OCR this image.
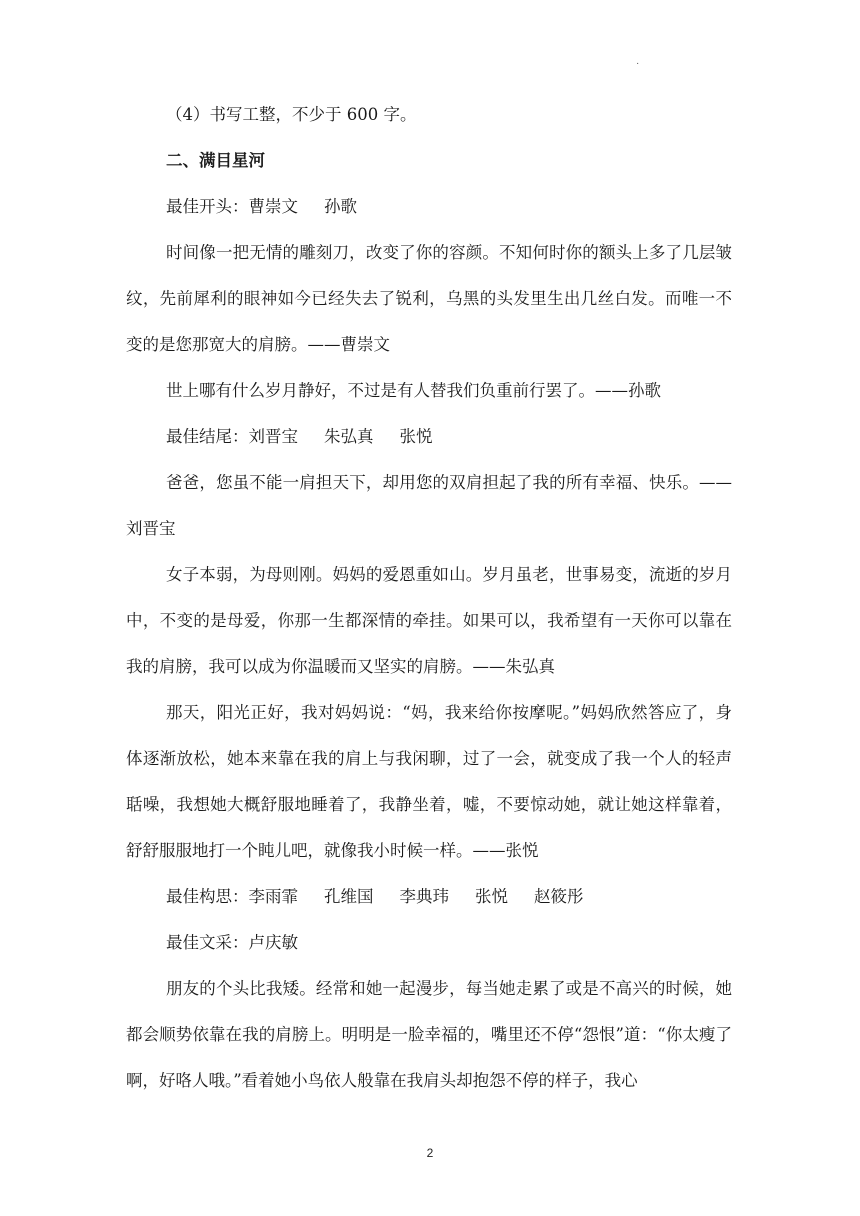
·

（4）书写工整，不少于 600 字。

二、满目星河

最佳开头：曹崇文 孙歌

时间像一把无情的雕刻刀，改变了你的容颜。不知何时你的额头上多了几层皱纹，先前犀利的眼神如今已经失去了锐利，乌黑的头发里生出几丝白发。而唯一不变的是您那宽大的肩膀。——曹崇文

世上哪有什么岁月静好，不过是有人替我们负重前行罢了。——孙歌

最佳结尾：刘晋宝 朱弘真 张悦

爸爸，您虽不能一肩担天下，却用您的双肩担起了我的所有幸福、快乐。——刘晋宝

女子本弱，为母则刚。妈妈的爱恩重如山。岁月虽老，世事易变，流逝的岁月中，不变的是母爱，你那一生都深情的牵挂。如果可以，我希望有一天你可以靠在我的肩膀，我可以成为你温暖而又坚实的肩膀。——朱弘真

那天，阳光正好，我对妈妈说：“妈，我来给你按摩呢。”妈妈欣然答应了，身体逐渐放松，她本来靠在我的肩上与我闲聊，过了一会，就变成了我一个人的轻声聒噪，我想她大概舒服地睡着了，我静坐着，嘘，不要惊动她，就让她这样靠着，舒舒服服地打一个盹儿吧，就像我小时候一样。——张悦

最佳构思：李雨霏 孔维国 李典玮 张悦 赵筱彤

最佳文采：卢庆敏

朋友的个头比我矮。经常和她一起漫步，每当她走累了或是不高兴的时候，她都会顺势依靠在我的肩膀上。明明是一脸幸福的，嘴里还不停“怨恨”道：“你太瘦了啊，好咯人哦。”看着她小鸟依人般靠在我肩头却抱怨不停的样子，我心

2
